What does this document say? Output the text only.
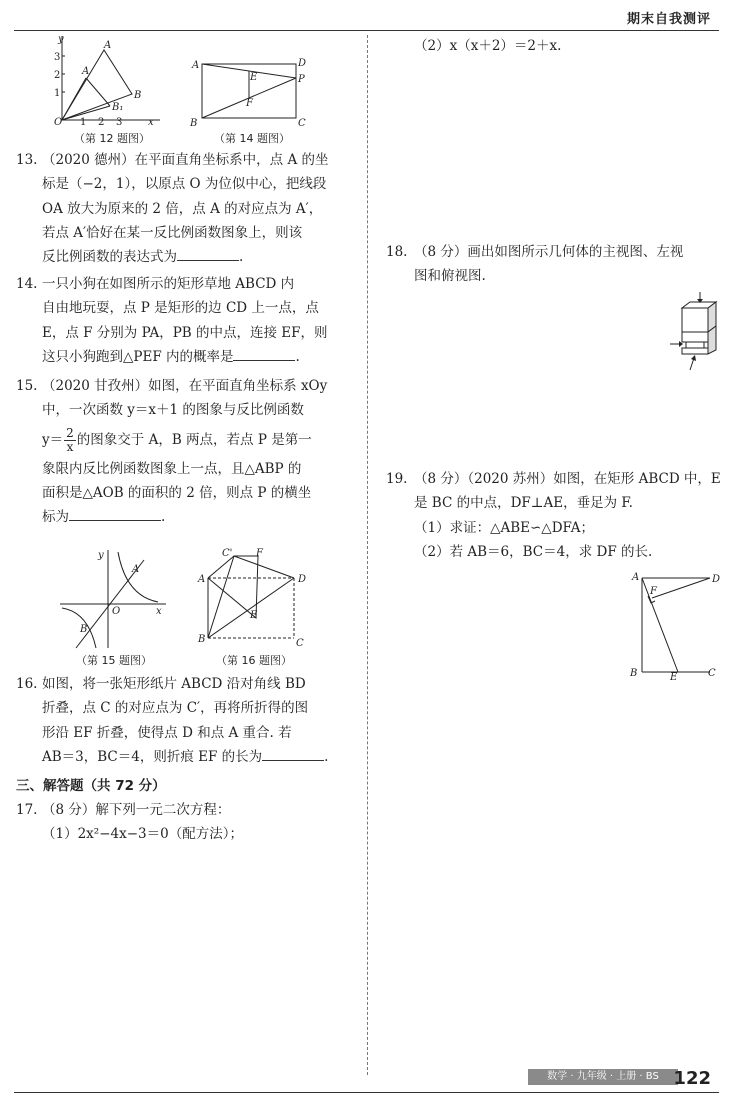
期末自我测评
y
A
B
B₁
A
O	x
1 2 3
1
2
3
（第 12 题图）
A	D
P
E
F
B	C
（第 14 题图）
13. （2020 德州）在平面直角坐标系中，点 A 的坐
标是（−2，1），以原点 O 为位似中心，把线段
OA 放大为原来的 2 倍，点 A 的对应点为 A′，
若点 A′恰好在某一反比例函数图象上，则该
反比例函数的表达式为	.
14. 一只小狗在如图所示的矩形草地 ABCD 内
自由地玩耍，点 P 是矩形的边 CD 上一点，点
E，点 F 分别为 PA，PB 的中点，连接 EF，则
这只小狗跑到△PEF 内的概率是	.
15. （2020 甘孜州）如图，在平面直角坐标系 xOy
中，一次函数 y＝x＋1 的图象与反比例函数
$y= \frac{2}{x}$ 的图象交于 A，B 两点，若点 P 是第一
象限内反比例函数图象上一点，且△ABP 的
面积是△AOB 的面积的 2 倍，则点 P 的横坐
标为	.
y
A
B
O	x
（第 15 题图）
C' F
A	D
E
B	C
（第 16 题图）
16. 如图，将一张矩形纸片 ABCD 沿对角线 BD
折叠，点 C 的对应点为 C′，再将所折得的图
形沿 EF 折叠，使得点 D 和点 A 重合. 若
AB＝3，BC＝4，则折痕 EF 的长为	.
三、解答题（共 72 分）
17. （8 分）解下列一元二次方程：
（1）2x²−4x−3＝0（配方法）；
（2）x（x＋2）＝2＋x.
18. （8 分）画出如图所示几何体的主视图、左视
图和俯视图.
19. （8 分）（2020 苏州）如图，在矩形 ABCD 中，E
是 BC 的中点，DF⊥AE，垂足为 F.
（1）求证：△ABE∽△DFA；
（2）若 AB＝6，BC＝4，求 DF 的长.
A	D
F
B	E	C
数学 · 九年级 · 上册 · BS 122
